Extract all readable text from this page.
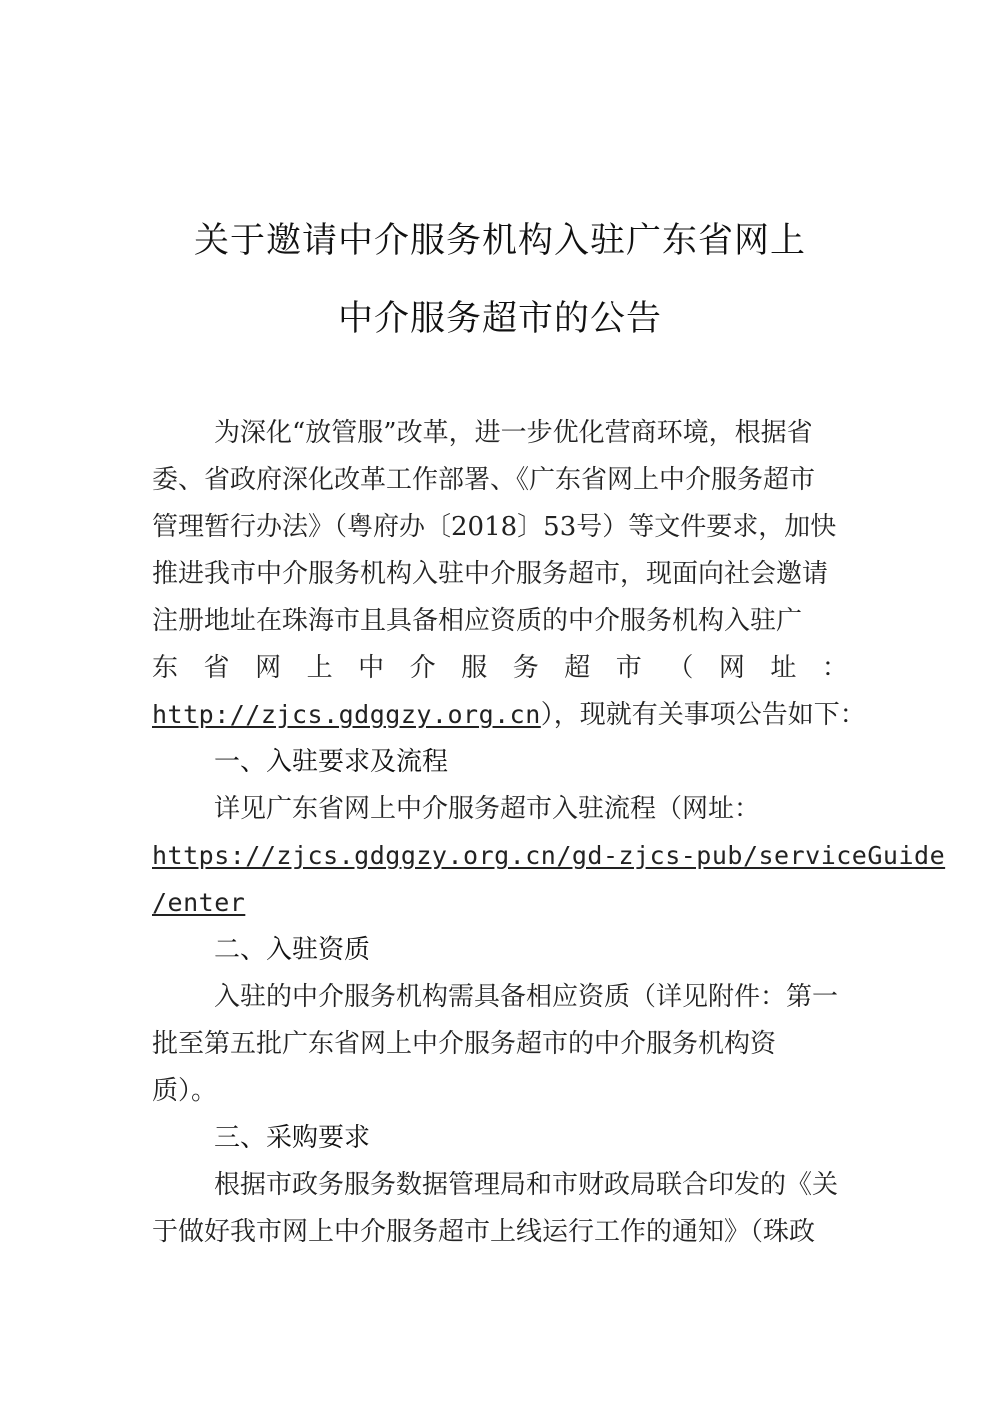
关于邀请中介服务机构入驻广东省网上
中介服务超市的公告
为深化“放管服”改革，进一步优化营商环境，根据省
委、省政府深化改革工作部署、《广东省网上中介服务超市
管理暂行办法》（粤府办〔2018〕53号）等文件要求，加快
推进我市中介服务机构入驻中介服务超市，现面向社会邀请
注册地址在珠海市且具备相应资质的中介服务机构入驻广
东 省 网 上 中 介 服 务 超 市 （ 网 址 ：
http://zjcs.gdggzy.org.cn），现就有关事项公告如下：
一、入驻要求及流程
详见广东省网上中介服务超市入驻流程（网址：
https://zjcs.gdggzy.org.cn/gd-zjcs-pub/serviceGuide
/enter
二、入驻资质
入驻的中介服务机构需具备相应资质（详见附件：第一
批至第五批广东省网上中介服务超市的中介服务机构资
质）。
三、采购要求
根据市政务服务数据管理局和市财政局联合印发的《关
于做好我市网上中介服务超市上线运行工作的通知》（珠政
